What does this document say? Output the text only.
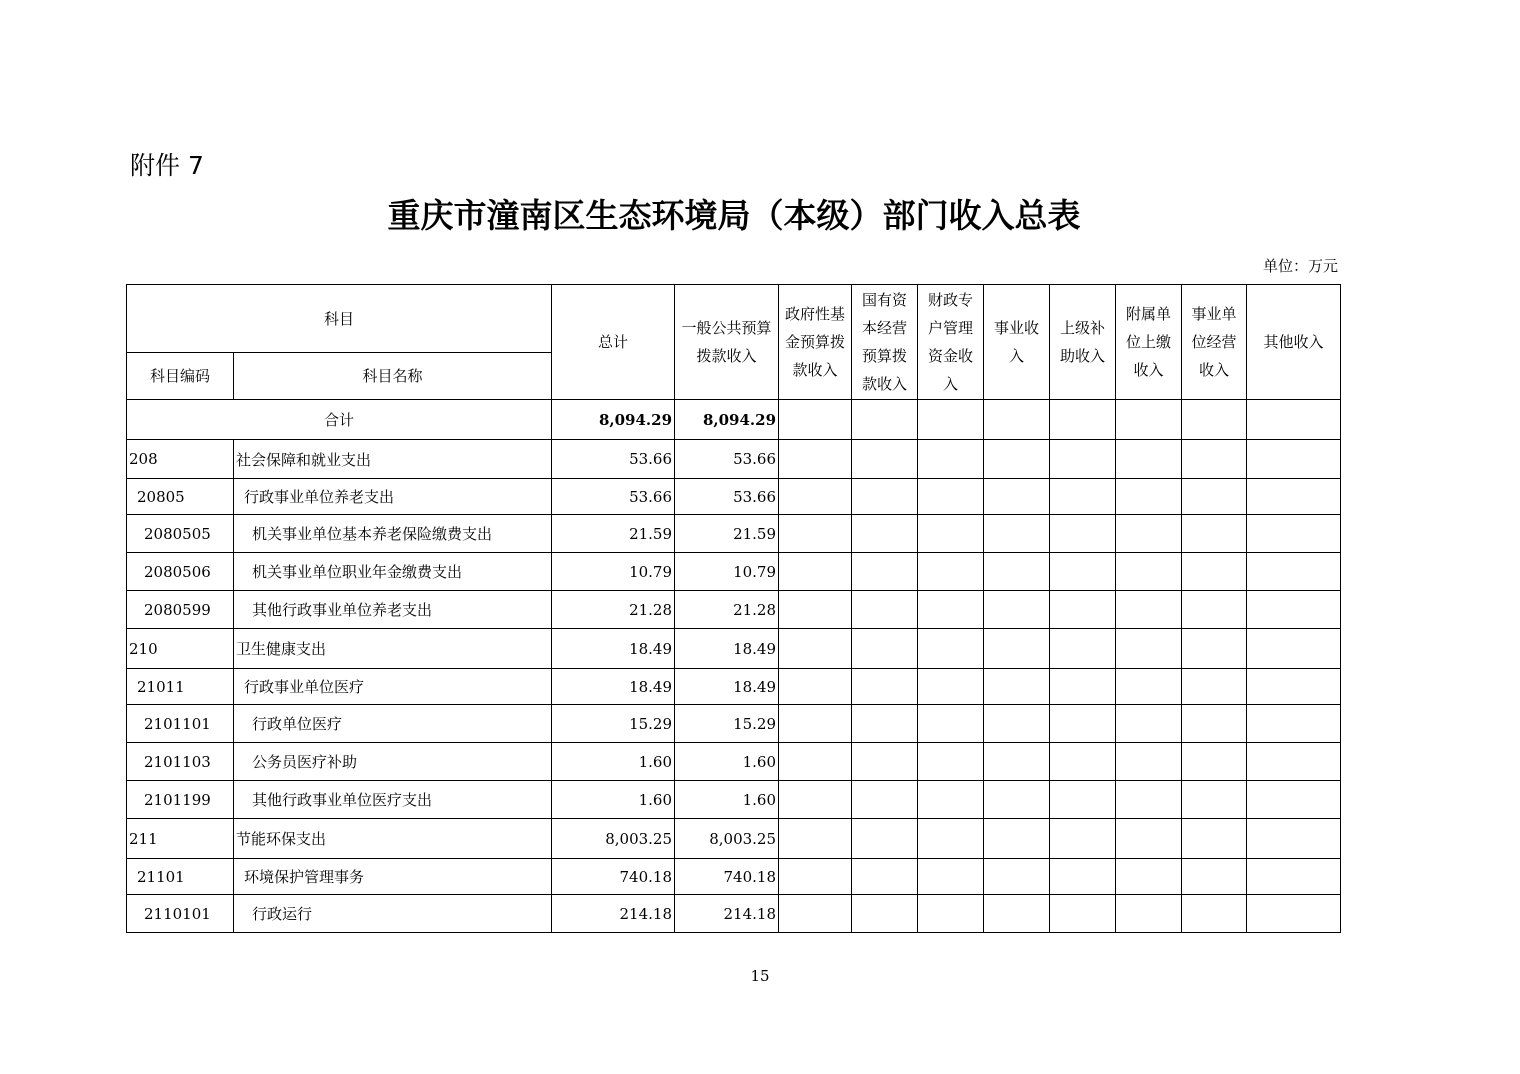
附件 7
重庆市潼南区生态环境局（本级）部门收入总表
单位：万元
科目		总计	一般公共预算拨款收入	政府性基金预算拨款收入	国有资本经营预算拨款收入	财政专户管理资金收入	事业收入	上级补助收入	附属单位上缴收入	事业单位经营收入	其他收入
科目编码	科目名称										
合计		8,094.29	8,094.29								
208	社会保障和就业支出	53.66	53.66								
20805	行政事业单位养老支出	53.66	53.66								
2080505	机关事业单位基本养老保险缴费支出	21.59	21.59								
2080506	机关事业单位职业年金缴费支出	10.79	10.79								
2080599	其他行政事业单位养老支出	21.28	21.28								
210	卫生健康支出	18.49	18.49								
21011	行政事业单位医疗	18.49	18.49								
2101101	行政单位医疗	15.29	15.29								
2101103	公务员医疗补助	1.60	1.60								
2101199	其他行政事业单位医疗支出	1.60	1.60								
211	节能环保支出	8,003.25	8,003.25								
21101	环境保护管理事务	740.18	740.18								
2110101	行政运行	214.18	214.18								
15
